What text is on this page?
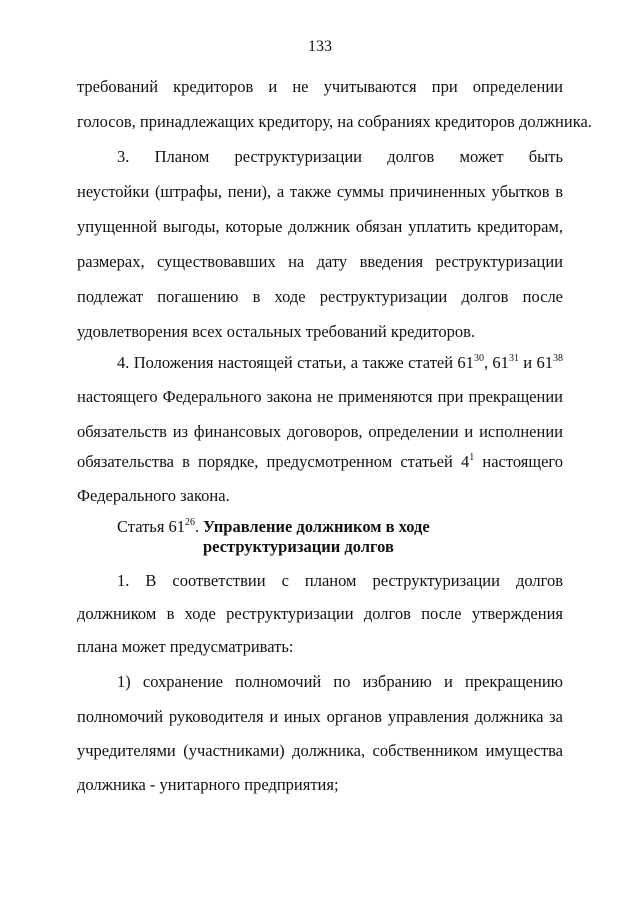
133
требований кредиторов и не учитываются при определении
голосов, принадлежащих кредитору, на собраниях кредиторов должника.
3. Планом реструктуризации долгов может быть
неустойки (штрафы, пени), а также суммы причиненных убытков в
упущенной выгоды, которые должник обязан уплатить кредиторам,
размерах, существовавших на дату введения реструктуризации
подлежат погашению в ходе реструктуризации долгов после
удовлетворения всех остальных требований кредиторов.
4. Положения настоящей статьи, а также статей $61^{30}$, $61^{31}$ и $61^{38}$
настоящего Федерального закона не применяются при прекращении
обязательств из финансовых договоров, определении и исполнении
обязательства в порядке, предусмотренном статьей $4^1$ настоящего
Федерального закона.
Статья $61^{26}$. Управление должником в ходе реструктуризации долгов
1. В соответствии с планом реструктуризации долгов
должником в ходе реструктуризации долгов после утверждения
плана может предусматривать:
1) сохранение полномочий по избранию и прекращению
полномочий руководителя и иных органов управления должника за
учредителями (участниками) должника, собственником имущества
должника - унитарного предприятия;
